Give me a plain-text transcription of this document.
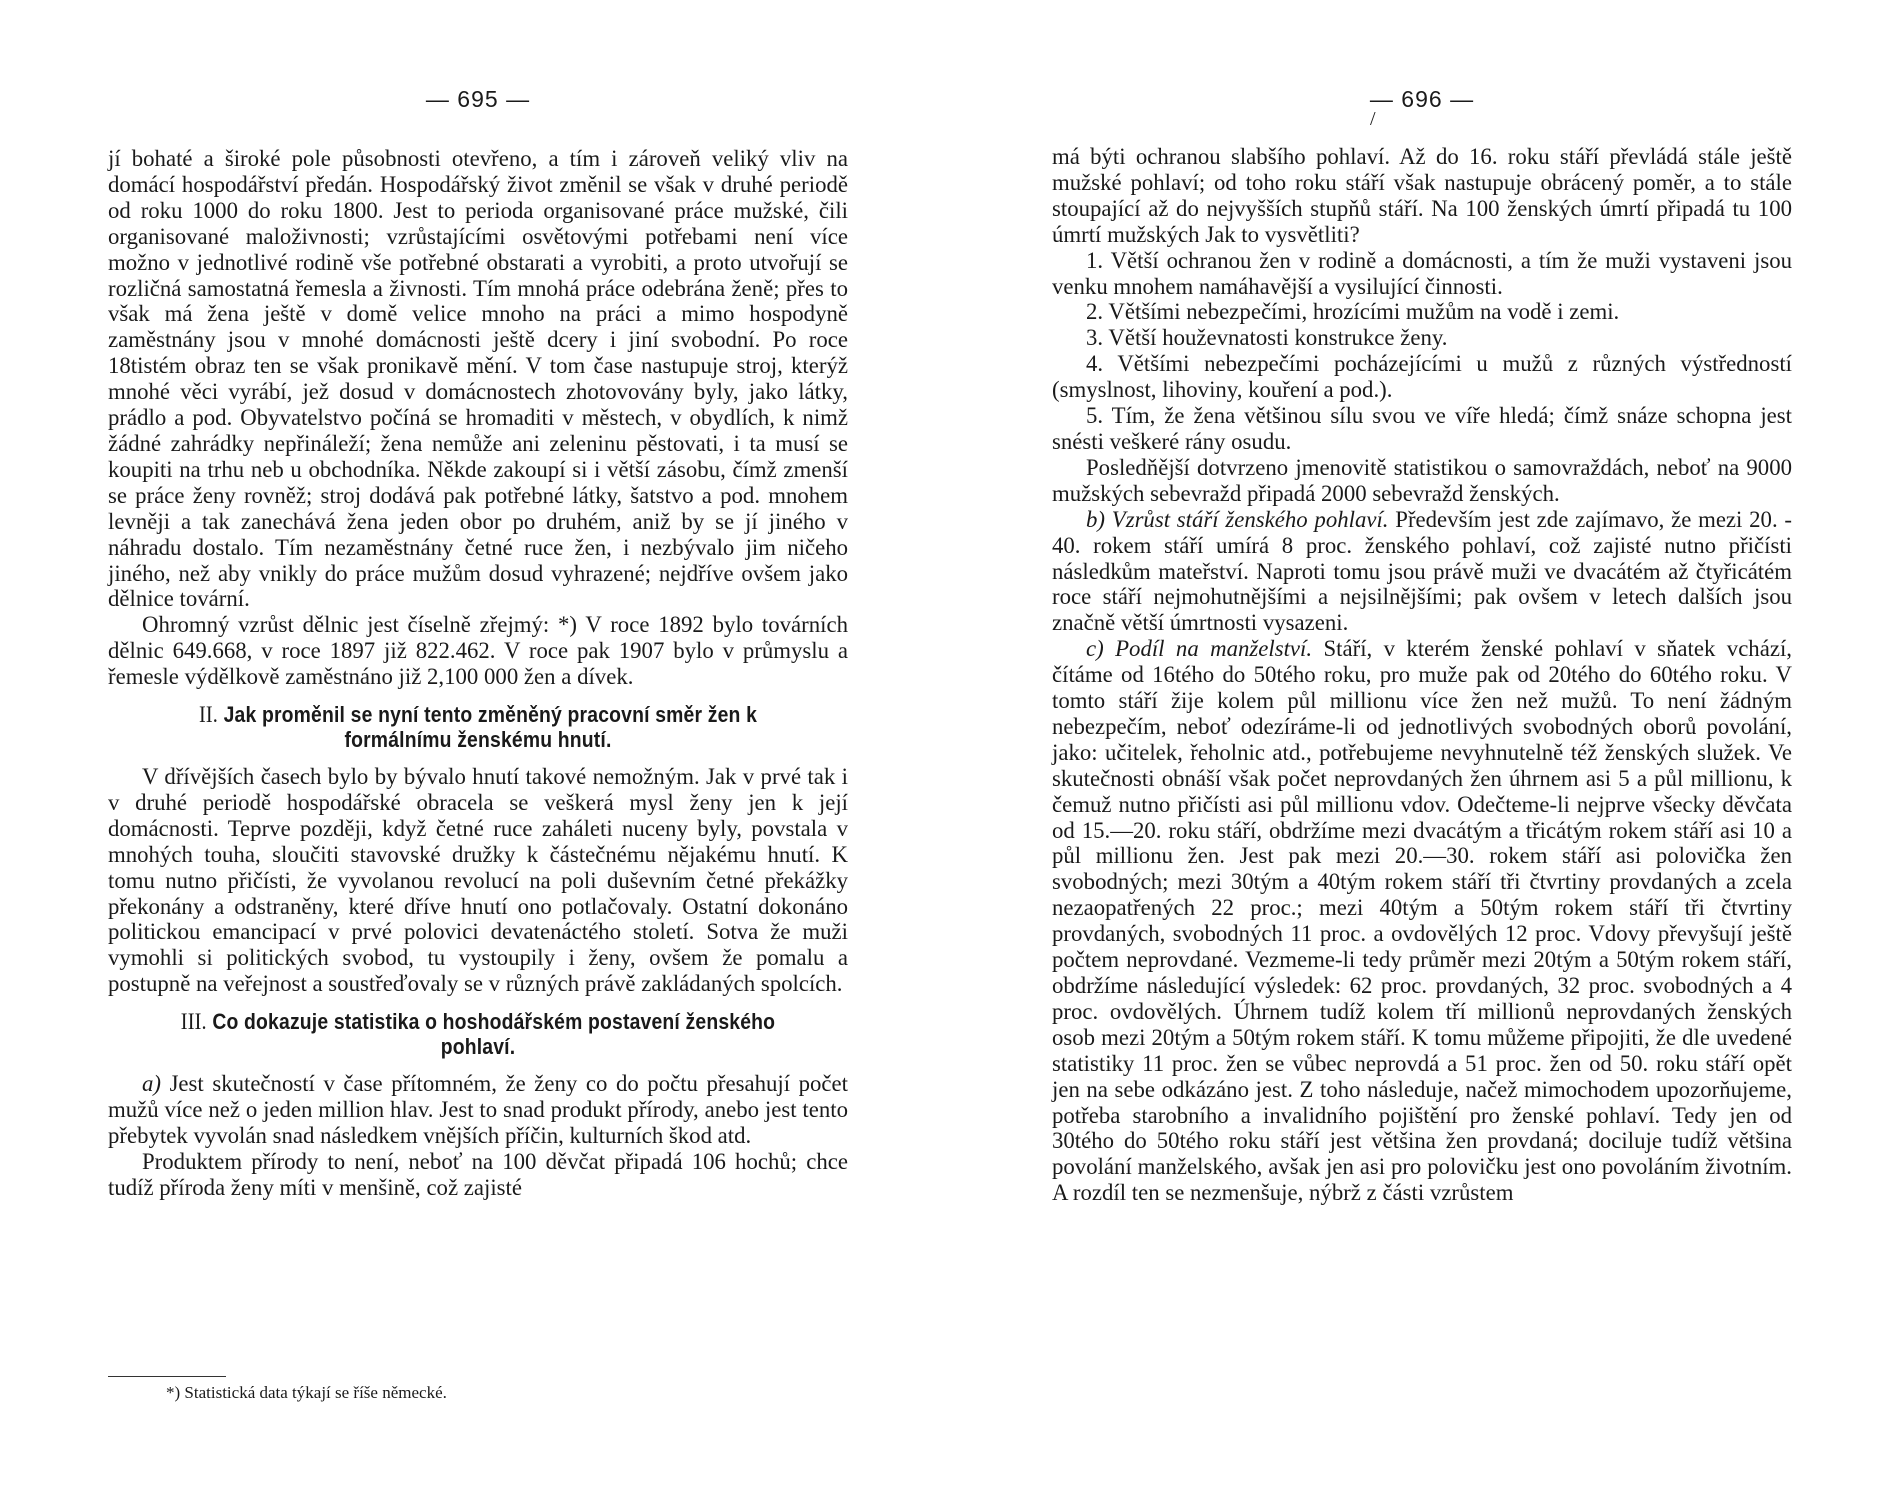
— 695 —

jí bohaté a široké pole působnosti otevřeno, a tím i zároveň veliký vliv na domácí hospodářství předán. Hospodářský život změnil se však v druhé periodě od roku 1000 do roku 1800. Jest to perioda organisované práce mužské, čili organisované maloživnosti; vzrůstajícími osvětovými potřebami není více možno v jednotlivé rodině vše potřebné obstarati a vyrobiti, a proto utvořují se rozličná samostatná řemesla a živnosti. Tím mnohá práce odebrána ženě; přes to však má žena ještě v domě velice mnoho na práci a mimo hospodyně zaměstnány jsou v mnohé domácnosti ještě dcery i jiní svobodní. Po roce 18tistém obraz ten se však pronikavě mění. V tom čase nastupuje stroj, kterýž mnohé věci vyrábí, jež dosud v domácnostech zhotovovány byly, jako látky, prádlo a pod. Obyvatelstvo počíná se hromaditi v městech, v obydlích, k nimž žádné zahrádky nepřináleží; žena nemůže ani zeleninu pěstovati, i ta musí se koupiti na trhu neb u obchodníka. Někde zakoupí si i větší zásobu, čímž zmenší se práce ženy rovněž; stroj dodává pak potřebné látky, šatstvo a pod. mnohem levněji a tak zanechává žena jeden obor po druhém, aniž by se jí jiného v náhradu dostalo. Tím nezaměstnány četné ruce žen, i nezbývalo jim ničeho jiného, než aby vnikly do práce mužům dosud vyhrazené; nejdříve ovšem jako dělnice tovární.

Ohromný vzrůst dělnic jest číselně zřejmý: *) V roce 1892 bylo továrních dělnic 649.668, v roce 1897 již 822.462. V roce pak 1907 bylo v průmyslu a řemesle výdělkově zaměstnáno již 2,100 000 žen a dívek.

II. Jak proměnil se nyní tento změněný pracovní směr žen k formálnímu ženskému hnutí.

V dřívějších časech bylo by bývalo hnutí takové nemožným. Jak v prvé tak i v druhé periodě hospodářské obracela se veškerá mysl ženy jen k její domácnosti. Teprve později, když četné ruce zaháleti nuceny byly, povstala v mnohých touha, sloučiti stavovské družky k částečnému nějakému hnutí. K tomu nutno přičísti, že vyvolanou revolucí na poli duševním četné překážky překonány a odstraněny, které dříve hnutí ono potlačovaly. Ostatní dokonáno politickou emancipací v prvé polovici devatenáctého století. Sotva že muži vymohli si politických svobod, tu vystoupily i ženy, ovšem že pomalu a postupně na veřejnost a soustřeďovaly se v různých právě zakládaných spolcích.

III. Co dokazuje statistika o hoshodářském postavení ženského pohlaví.

a) Jest skutečností v čase přítomném, že ženy co do počtu přesahují počet mužů více než o jeden million hlav. Jest to snad produkt přírody, anebo jest tento přebytek vyvolán snad následkem vnějších příčin, kulturních škod atd.

Produktem přírody to není, neboť na 100 děvčat připadá 106 hochů; chce tudíž příroda ženy míti v menšině, což zajisté

*) Statistická data týkají se říše německé.
— 696 —
/

má býti ochranou slabšího pohlaví. Až do 16. roku stáří převládá stále ještě mužské pohlaví; od toho roku stáří však nastupuje obrácený poměr, a to stále stoupající až do nejvyšších stupňů stáří. Na 100 ženských úmrtí připadá tu 100 úmrtí mužských Jak to vysvětliti?

1. Větší ochranou žen v rodině a domácnosti, a tím že muži vystaveni jsou venku mnohem namáhavější a vysilující činnosti.

2. Většími nebezpečími, hrozícími mužům na vodě i zemi.

3. Větší houževnatosti konstrukce ženy.

4. Většími nebezpečími pocházejícími u mužů z různých výstředností (smyslnost, lihoviny, kouření a pod.).

5. Tím, že žena většinou sílu svou ve víře hledá; čímž snáze schopna jest snésti veškeré rány osudu.

Posledňější dotvrzeno jmenovitě statistikou o samovraždách, neboť na 9000 mužských sebevražd připadá 2000 sebevražd ženských.

b) Vzrůst stáří ženského pohlaví. Především jest zde zajímavo, že mezi 20. - 40. rokem stáří umírá 8 proc. ženského pohlaví, což zajisté nutno přičísti následkům mateřství. Naproti tomu jsou právě muži ve dvacátém až čtyřicátém roce stáří nejmohutnějšími a nejsilnějšími; pak ovšem v letech dalších jsou značně větší úmrtnosti vysazeni.

c) Podíl na manželství. Stáří, v kterém ženské pohlaví v sňatek vchází, čítáme od 16tého do 50tého roku, pro muže pak od 20tého do 60tého roku. V tomto stáří žije kolem půl millionu více žen než mužů. To není žádným nebezpečím, neboť odezíráme-li od jednotlivých svobodných oborů povolání, jako: učitelek, řeholnic atd., potřebujeme nevyhnutelně též ženských služek. Ve skutečnosti obnáší však počet neprovdaných žen úhrnem asi 5 a půl millionu, k čemuž nutno přičísti asi půl millionu vdov. Odečteme-li nejprve všecky děvčata od 15.—20. roku stáří, obdržíme mezi dvacátým a třicátým rokem stáří asi 10 a půl millionu žen. Jest pak mezi 20.—30. rokem stáří asi polovička žen svobodných; mezi 30tým a 40tým rokem stáří tři čtvrtiny provdaných a zcela nezaopatřených 22 proc.; mezi 40tým a 50tým rokem stáří tři čtvrtiny provdaných, svobodných 11 proc. a ovdovělých 12 proc. Vdovy převyšují ještě počtem neprovdané. Vezmeme-li tedy průměr mezi 20tým a 50tým rokem stáří, obdržíme následující výsledek: 62 proc. provdaných, 32 proc. svobodných a 4 proc. ovdovělých. Úhrnem tudíž kolem tří millionů neprovdaných ženských osob mezi 20tým a 50tým rokem stáří. K tomu můžeme připojiti, že dle uvedené statistiky 11 proc. žen se vůbec neprovdá a 51 proc. žen od 50. roku stáří opět jen na sebe odkázáno jest. Z toho následuje, načež mimochodem upozorňujeme, potřeba starobního a invalidního pojištění pro ženské pohlaví. Tedy jen od 30tého do 50tého roku stáří jest většina žen provdaná; dociluje tudíž většina povolání manželského, avšak jen asi pro polovičku jest ono povoláním životním. A rozdíl ten se nezmenšuje, nýbrž z části vzrůstem
